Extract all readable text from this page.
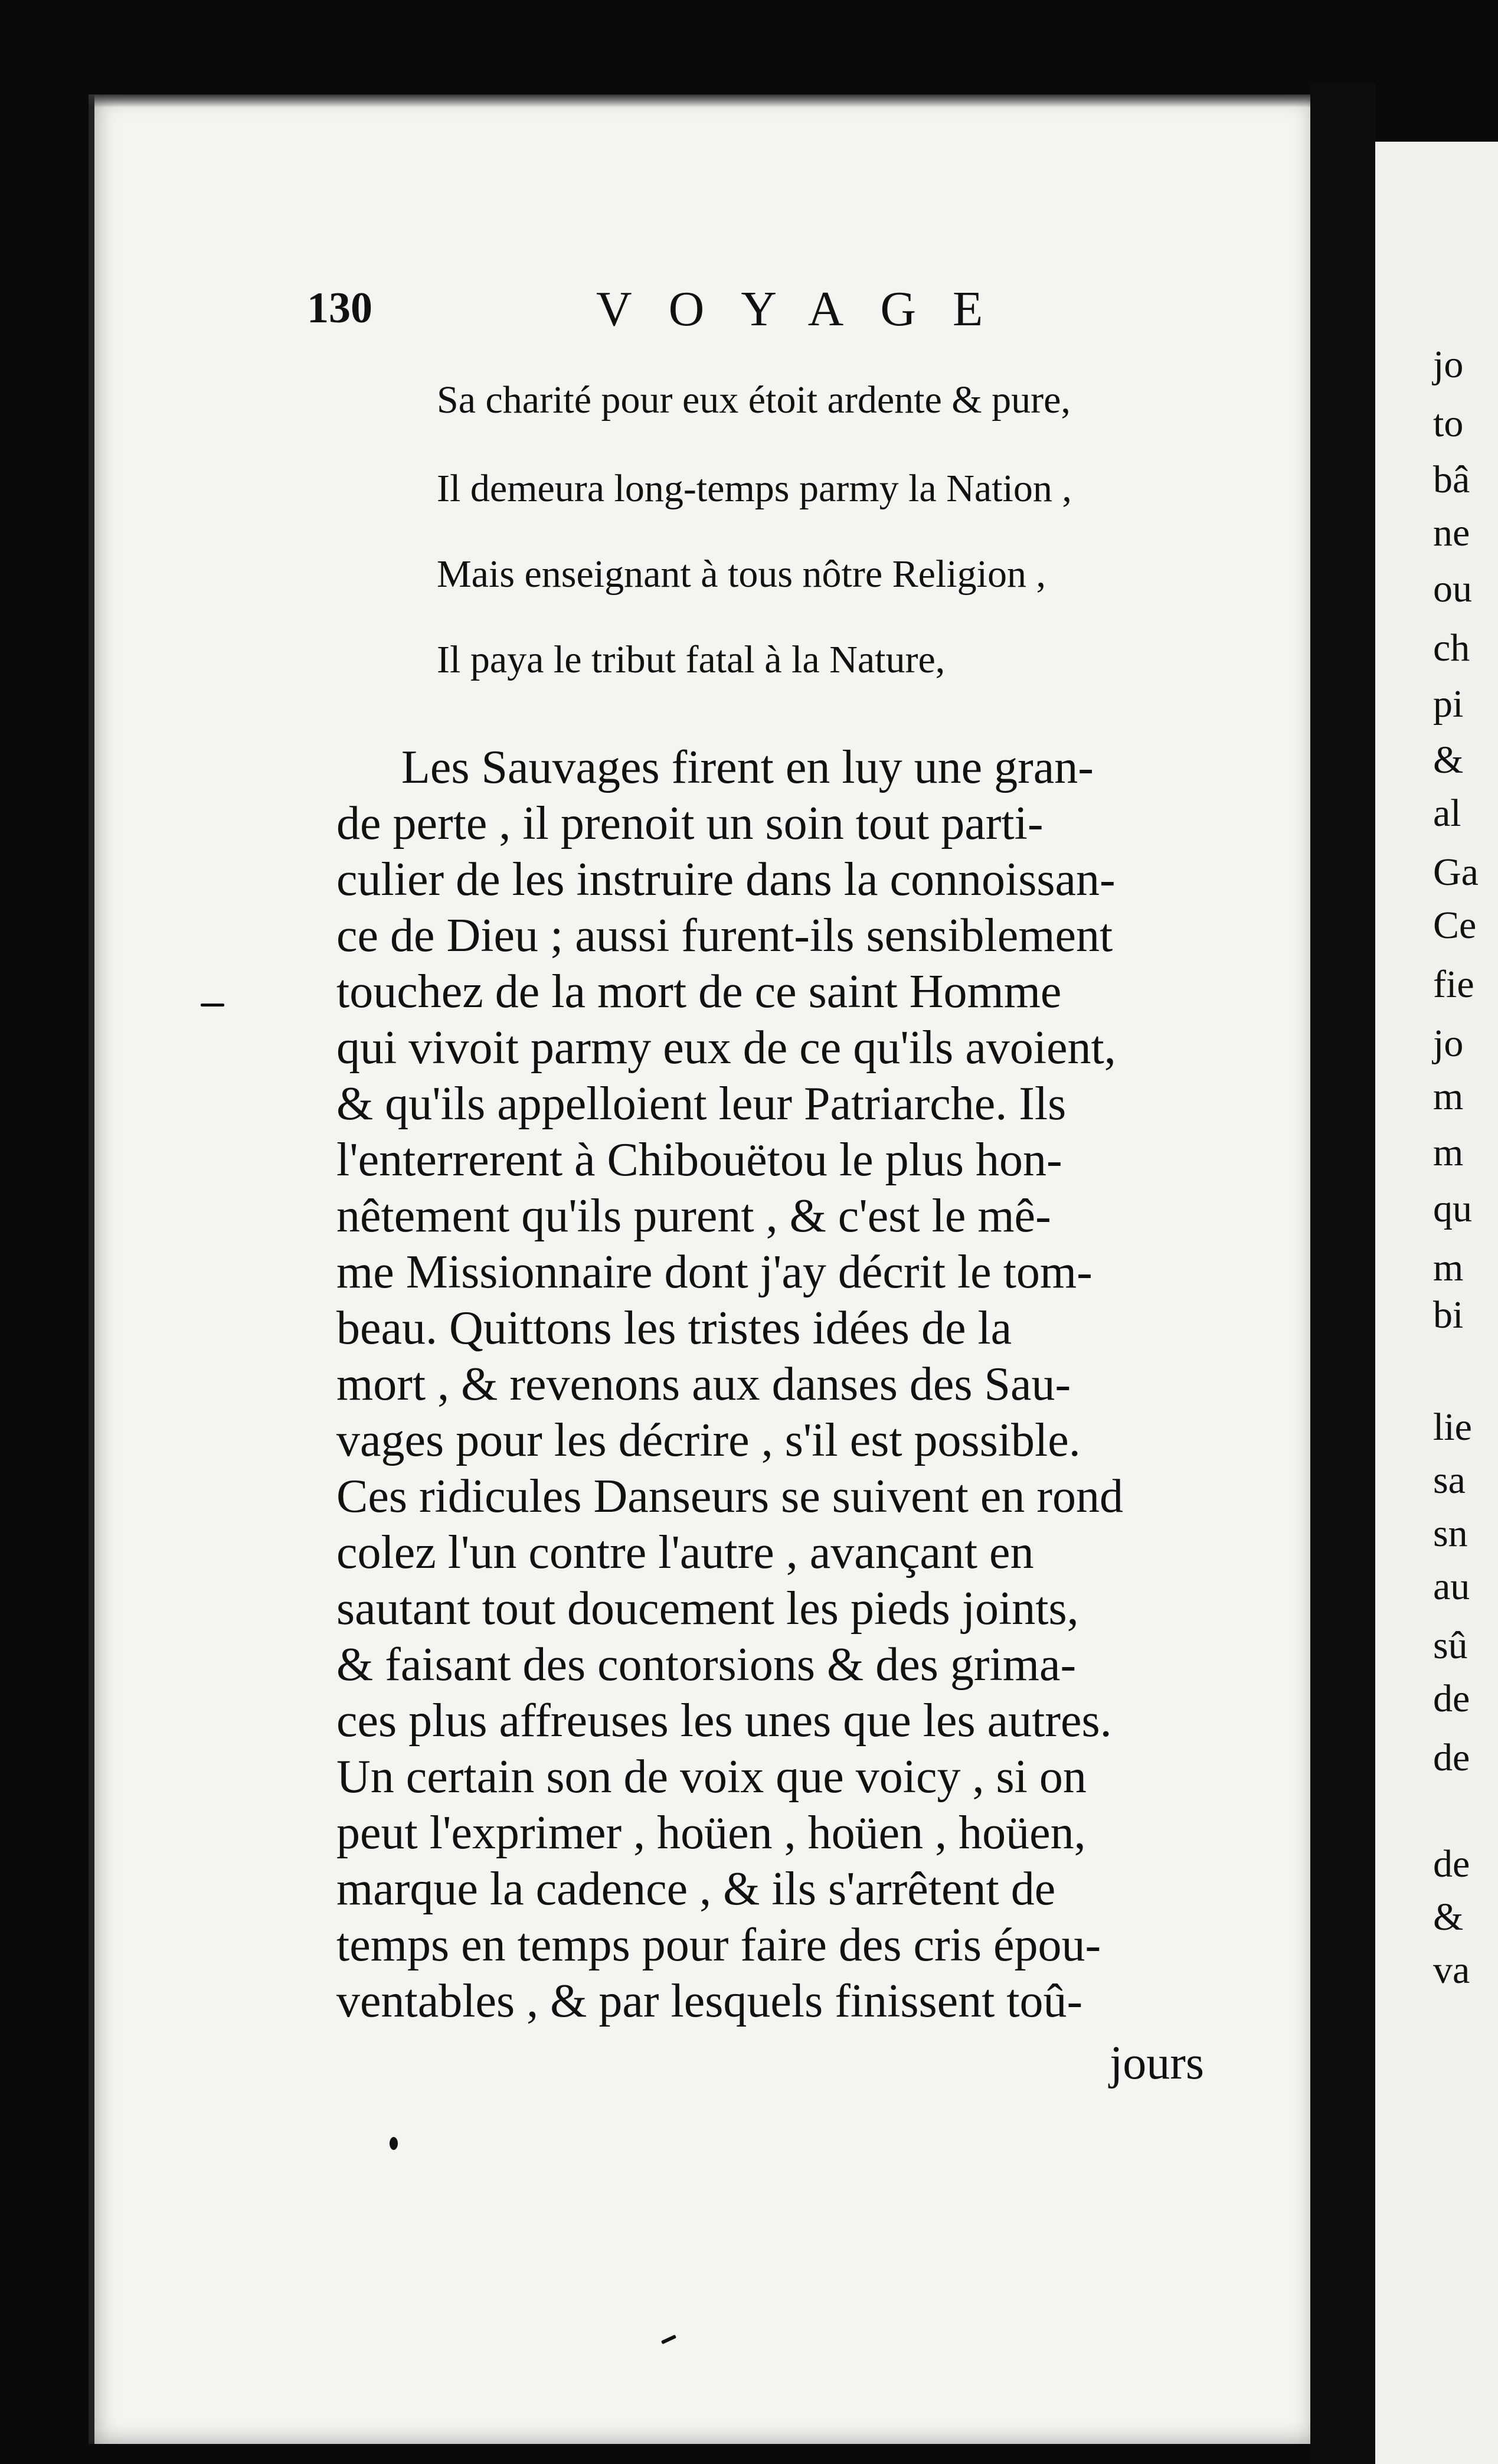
130	VOYAGE
Sa charité pour eux étoit ardente & pure,
Il demeura long-temps parmy la Nation ,
Mais enseignant à tous nôtre Religion ,
Il paya le tribut fatal à la Nature,
Les Sauvages firent en luy une gran-
de perte , il prenoit un soin tout parti-
culier de les instruire dans la connoissan-
ce de Dieu ; aussi furent-ils sensiblement
touchez de la mort de ce saint Homme
qui vivoit parmy eux de ce qu'ils avoient,
& qu'ils appelloient leur Patriarche. Ils
l'enterrerent à Chibouëtou le plus hon-
nêtement qu'ils purent , & c'est le mê-
me Missionnaire dont j'ay décrit le tom-
beau. Quittons les tristes idées de la
mort , & revenons aux danses des Sau-
vages pour les décrire , s'il est possible.
Ces ridicules Danseurs se suivent en rond
colez l'un contre l'autre , avançant en
sautant tout doucement les pieds joints,
& faisant des contorsions & des grima-
ces plus affreuses les unes que les autres.
Un certain son de voix que voicy , si on
peut l'exprimer , hoüen , hoüen , hoüen,
marque la cadence , & ils s'arrêtent de
temps en temps pour faire des cris épou-
ventables , & par lesquels finissent toû-
jours
jo
to
bâ
ne
ou
ch
pi
&
al
Ga
Ce
fie
jo
m
m
qu
m
bi
lie
sa
sn
au
sû
de
de
de
&
va
